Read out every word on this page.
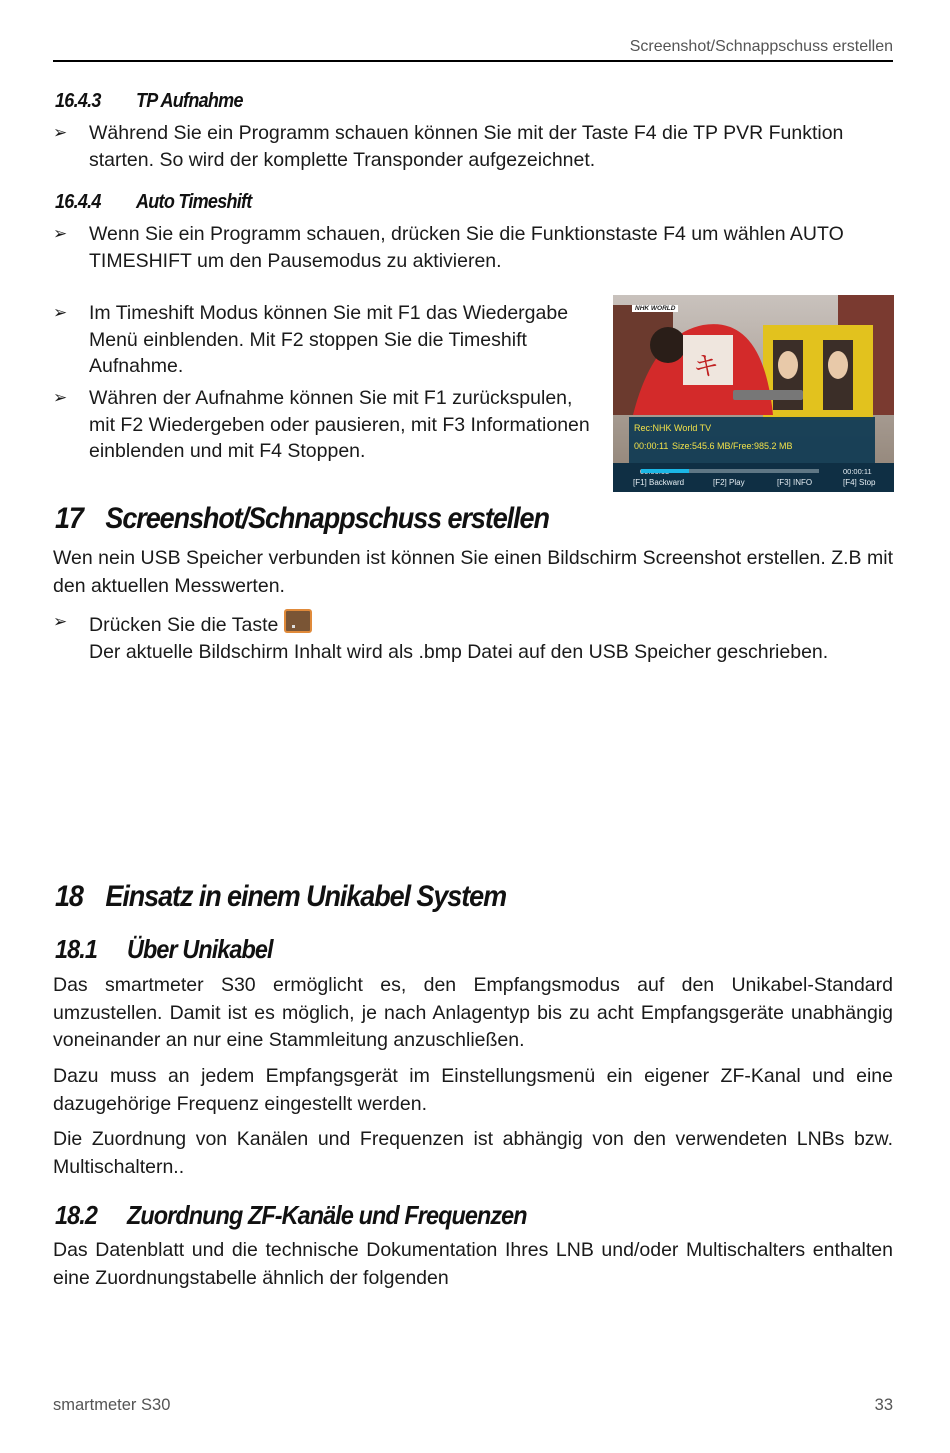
Screenshot/Schnappschuss erstellen
16.4.3 TP Aufnahme
➢ Während Sie ein Programm schauen können Sie mit der Taste F4 die TP PVR Funktion starten. So wird der komplette Transponder aufgezeichnet.
16.4.4 Auto Timeshift
➢ Wenn Sie ein Programm schauen, drücken Sie die Funktionstaste F4 um wählen AUTO TIMESHIFT um den Pausemodus zu aktivieren.
➢ Im Timeshift Modus können Sie mit F1 das Wiedergabe Menü einblenden. Mit F2 stoppen Sie die Timeshift Aufnahme.
➢ Währen der Aufnahme können Sie mit F1 zurückspulen, mit F2 Wiedergeben oder pausieren, mit F3 Informationen einblenden und mit F4 Stoppen.
キ
NHK WORLD
Rec:NHK World TV
00:00:11 Size:545.6 MB/Free:985.2 MB
00:00:11
[F1] Backward	[F2] Play	[F3] INFO	[F4] Stop
17 Screenshot/Schnappschuss erstellen
Wen nein USB Speicher verbunden ist können Sie einen Bildschirm Screenshot erstellen. Z.B mit den aktuellen Messwerten.
➢ Drücken Sie die Taste
Der aktuelle Bildschirm Inhalt wird als .bmp Datei auf den USB Speicher geschrieben.
18 Einsatz in einem Unikabel System
18.1 Über Unikabel
Das smartmeter S30 ermöglicht es, den Empfangsmodus auf den Unikabel-Standard umzustellen. Damit ist es möglich, je nach Anlagentyp bis zu acht Empfangsgeräte unabhängig voneinander an nur eine Stammleitung anzuschließen.
Dazu muss an jedem Empfangsgerät im Einstellungsmenü ein eigener ZF-Kanal und eine dazugehörige Frequenz eingestellt werden.
Die Zuordnung von Kanälen und Frequenzen ist abhängig von den verwendeten LNBs bzw. Multischaltern..
18.2 Zuordnung ZF-Kanäle und Frequenzen
Das Datenblatt und die technische Dokumentation Ihres LNB und/oder Multischalters enthalten eine Zuordnungstabelle ähnlich der folgenden
smartmeter S30	33
